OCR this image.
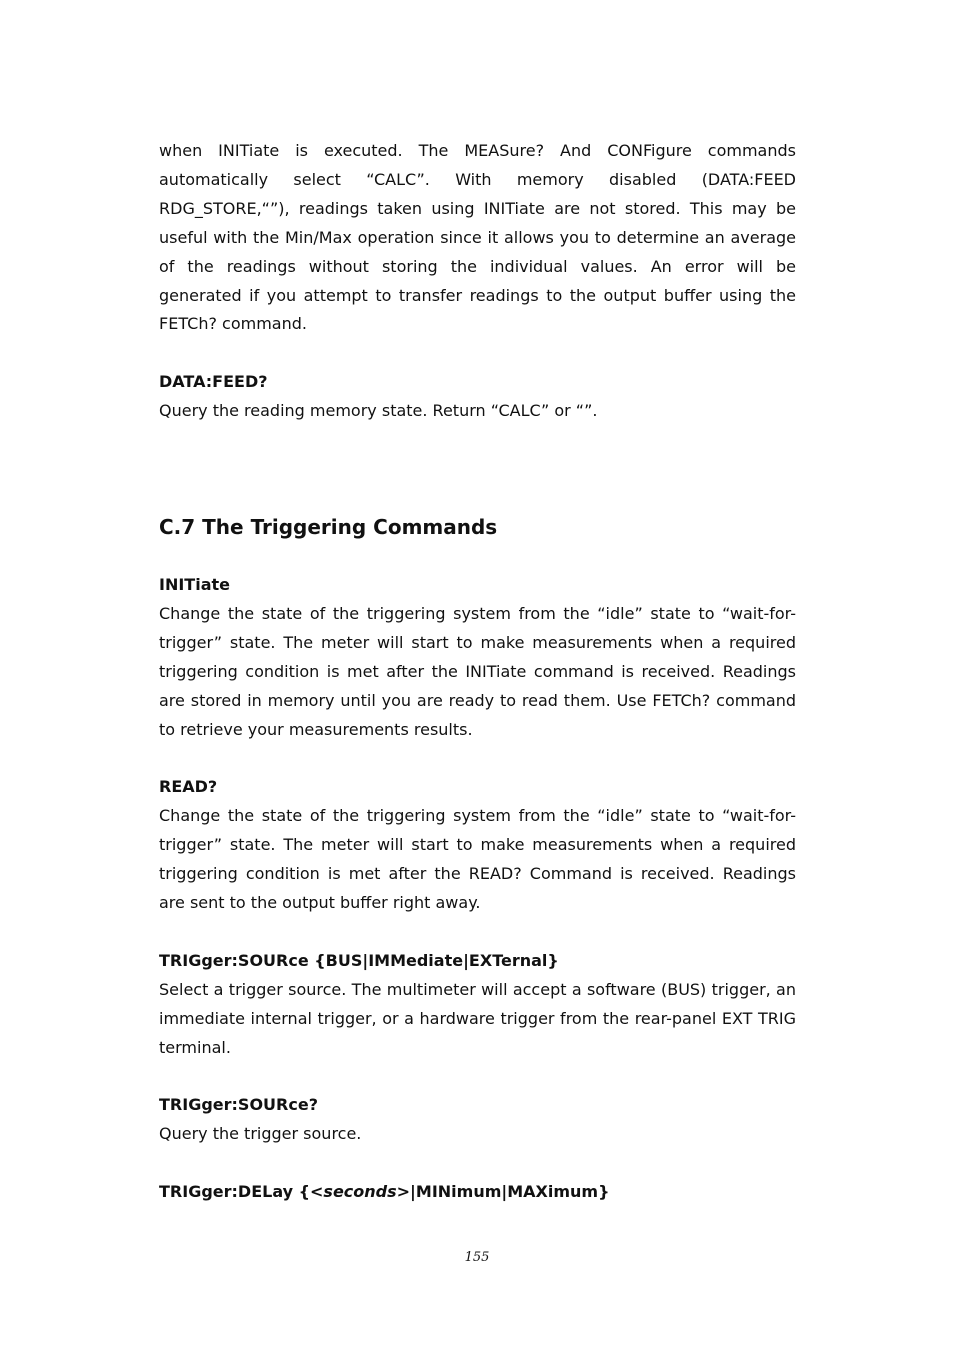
when INITiate is executed. The MEASure? And CONFigure commands automatically select “CALC”. With memory disabled (DATA:FEED RDG_STORE,“”), readings taken using INITiate are not stored. This may be useful with the Min/Max operation since it allows you to determine an average of the readings without storing the individual values. An error will be generated if you attempt to transfer readings to the output buffer using the FETCh? command.

DATA:FEED?

Query the reading memory state. Return “CALC” or “”.

C.7 The Triggering Commands
INITiate

Change the state of the triggering system from the “idle” state to “wait-for-trigger” state. The meter will start to make measurements when a required triggering condition is met after the INITiate command is received. Readings are stored in memory until you are ready to read them. Use FETCh? command to retrieve your measurements results.

READ?

Change the state of the triggering system from the “idle” state to “wait-for-trigger” state. The meter will start to make measurements when a required triggering condition is met after the READ? Command is received. Readings are sent to the output buffer right away.

TRIGger:SOURce {BUS|IMMediate|EXTernal}

Select a trigger source. The multimeter will accept a software (BUS) trigger, an immediate internal trigger, or a hardware trigger from the rear-panel EXT TRIG terminal.

TRIGger:SOURce?

Query the trigger source.

TRIGger:DELay {<seconds>|MINimum|MAXimum}
155
